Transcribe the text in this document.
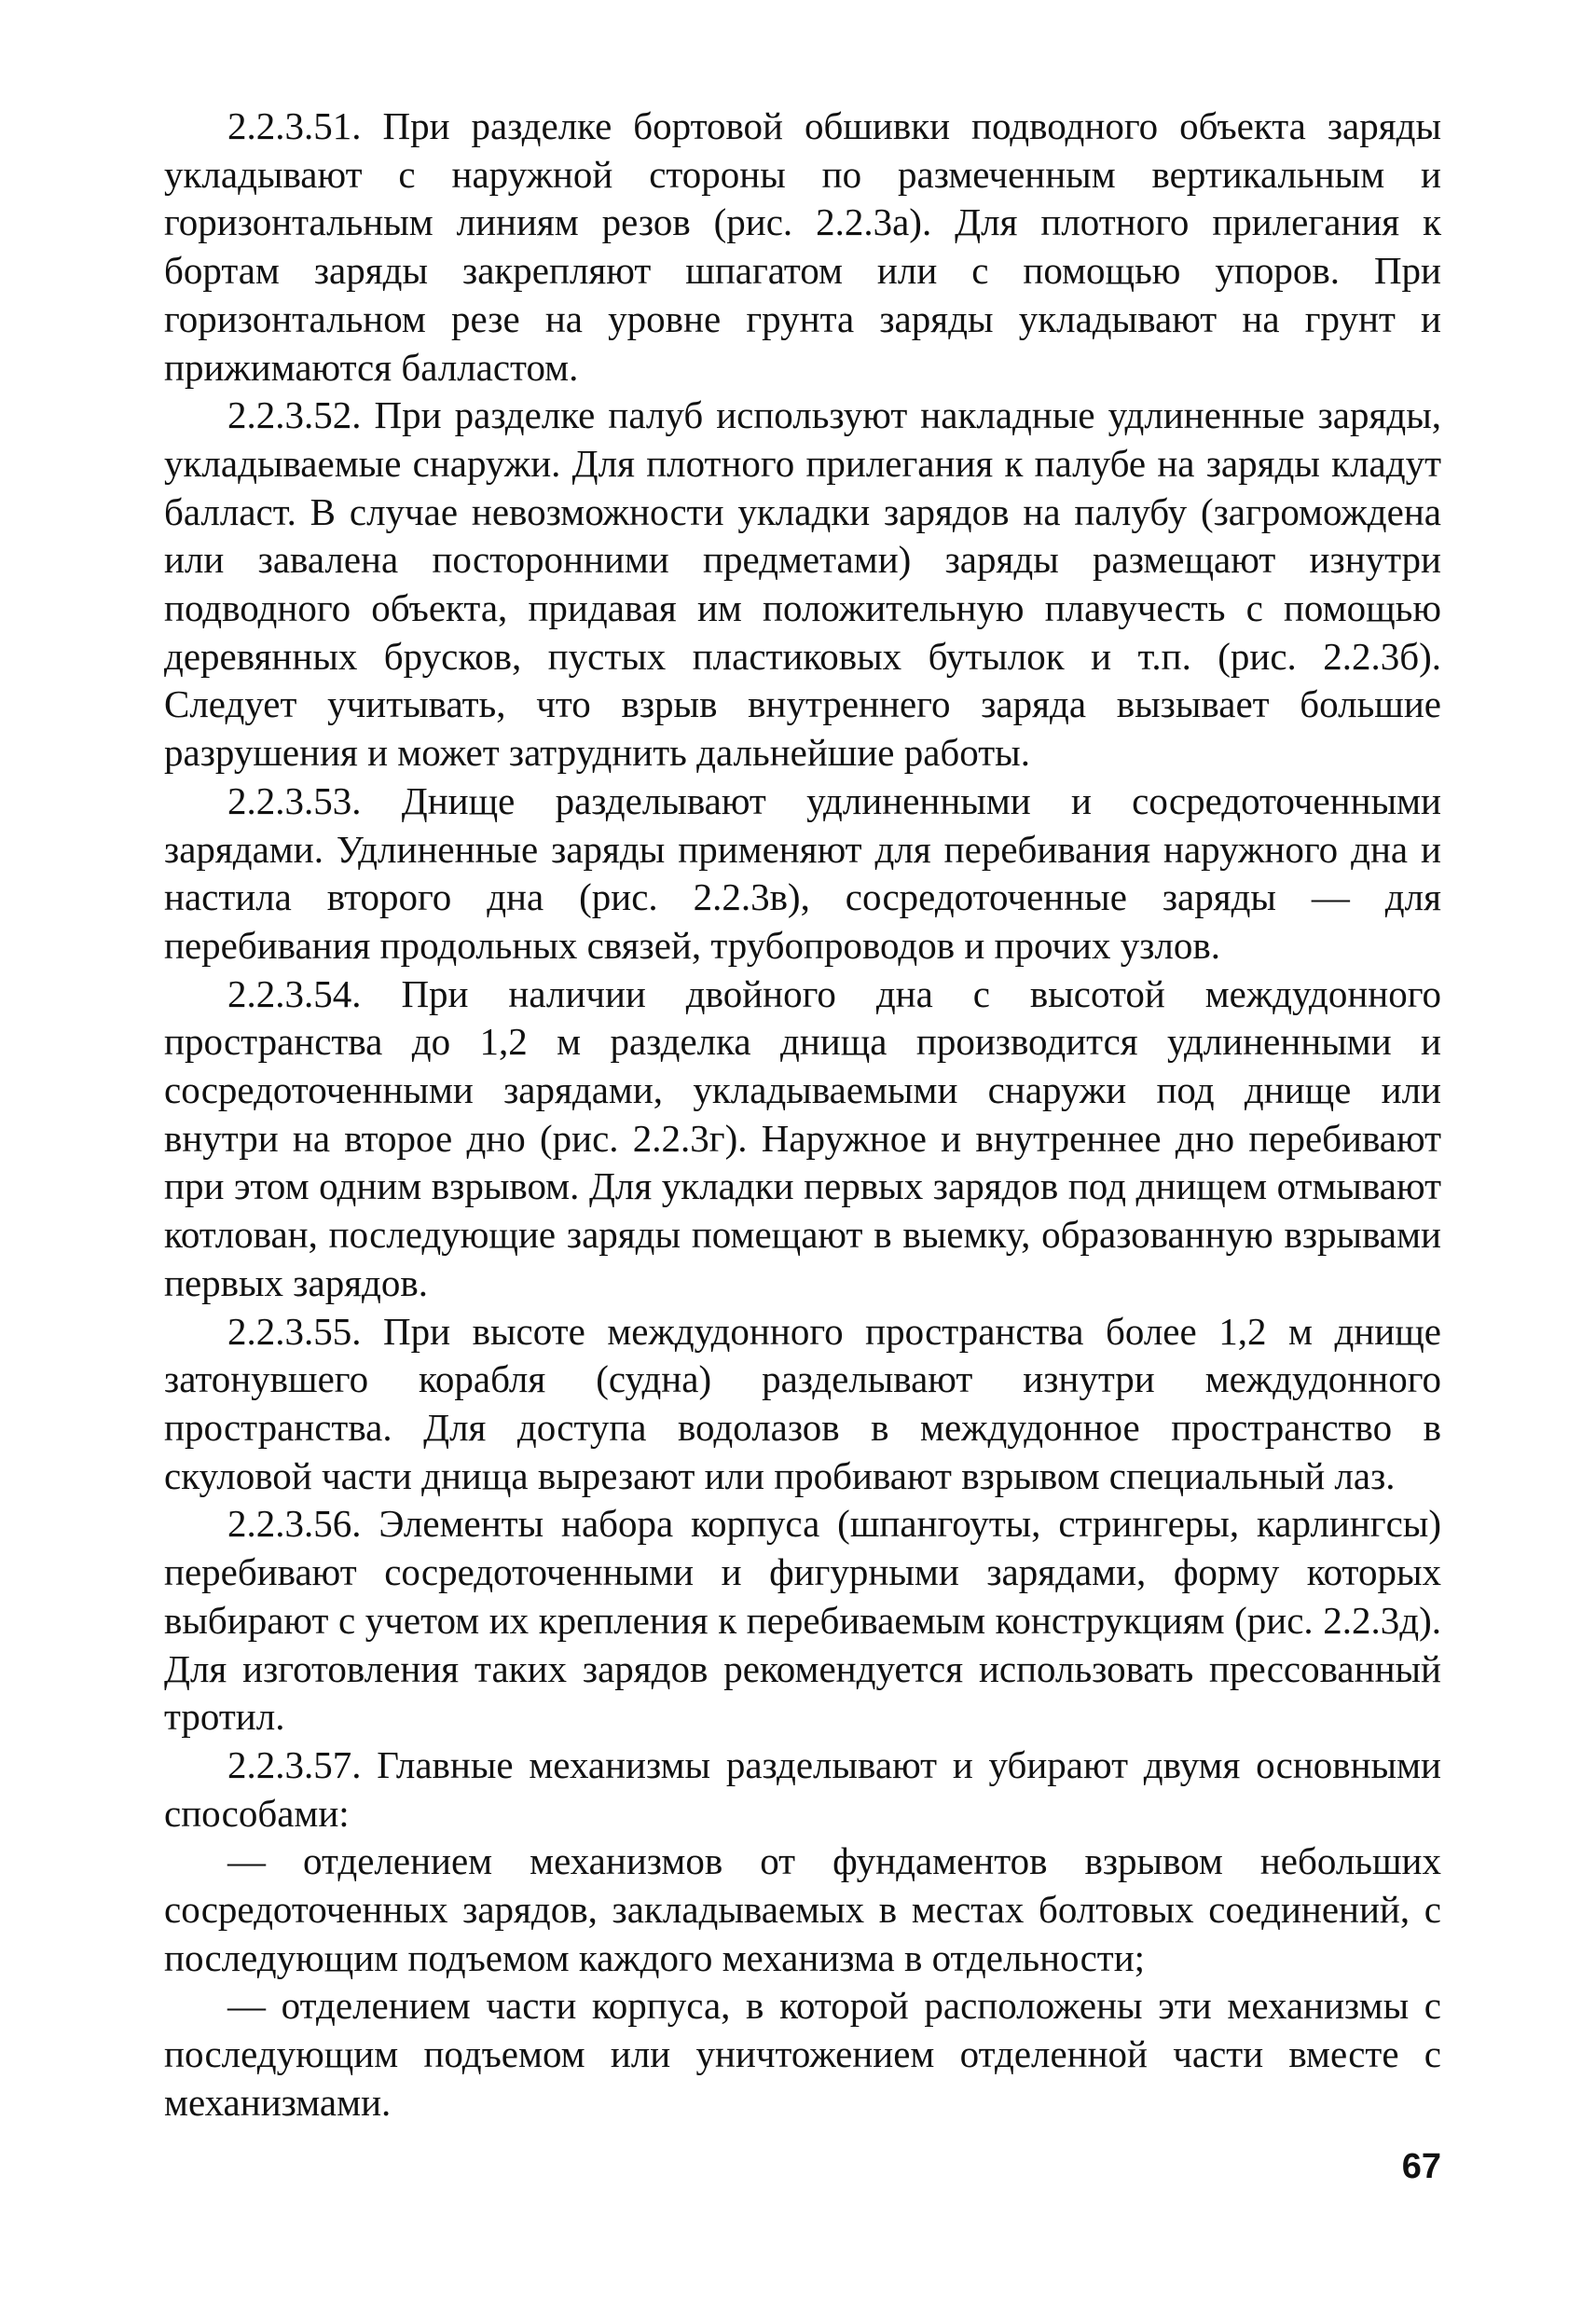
2.2.3.51. При разделке бортовой обшивки подводного объекта заряды укладывают с наружной стороны по размеченным вертикальным и горизонтальным линиям резов (рис. 2.2.3а). Для плотного прилегания к бортам заряды закрепляют шпагатом или с помощью упоров. При горизонтальном резе на уровне грунта заряды укладывают на грунт и прижимаются балластом.

2.2.3.52. При разделке палуб используют накладные удлиненные заряды, укладываемые снаружи. Для плотного прилегания к палубе на заряды кладут балласт. В случае невозможности укладки зарядов на палубу (загромождена или завалена посторонними предметами) заряды размещают изнутри подводного объекта, придавая им положительную плавучесть с помощью деревянных брусков, пустых пластиковых бутылок и т.п. (рис. 2.2.3б). Следует учитывать, что взрыв внутреннего заряда вызывает большие разрушения и может затруднить дальнейшие работы.

2.2.3.53. Днище разделывают удлиненными и сосредоточенными зарядами. Удлиненные заряды применяют для перебивания наружного дна и настила второго дна (рис. 2.2.3в), сосредоточенные заряды — для перебивания продольных связей, трубопроводов и прочих узлов.

2.2.3.54. При наличии двойного дна с высотой междудонного пространства до 1,2 м разделка днища производится удлиненными и сосредоточенными зарядами, укладываемыми снаружи под днище или внутри на второе дно (рис. 2.2.3г). Наружное и внутреннее дно перебивают при этом одним взрывом. Для укладки первых зарядов под днищем отмывают котлован, последующие заряды помещают в выемку, образованную взрывами первых зарядов.

2.2.3.55. При высоте междудонного пространства более 1,2 м днище затонувшего корабля (судна) разделывают изнутри междудонного пространства. Для доступа водолазов в междудонное пространство в скуловой части днища вырезают или пробивают взрывом специальный лаз.

2.2.3.56. Элементы набора корпуса (шпангоуты, стрингеры, карлингсы) перебивают сосредоточенными и фигурными зарядами, форму которых выбирают с учетом их крепления к перебиваемым конструкциям (рис. 2.2.3д). Для изготовления таких зарядов рекомендуется использовать прессованный тротил.

2.2.3.57. Главные механизмы разделывают и убирают двумя основными способами:

— отделением механизмов от фундаментов взрывом небольших сосредоточенных зарядов, закладываемых в местах болтовых соединений, с последующим подъемом каждого механизма в отдельности;

— отделением части корпуса, в которой расположены эти механизмы с последующим подъемом или уничтожением отделенной части вместе с механизмами.

67
